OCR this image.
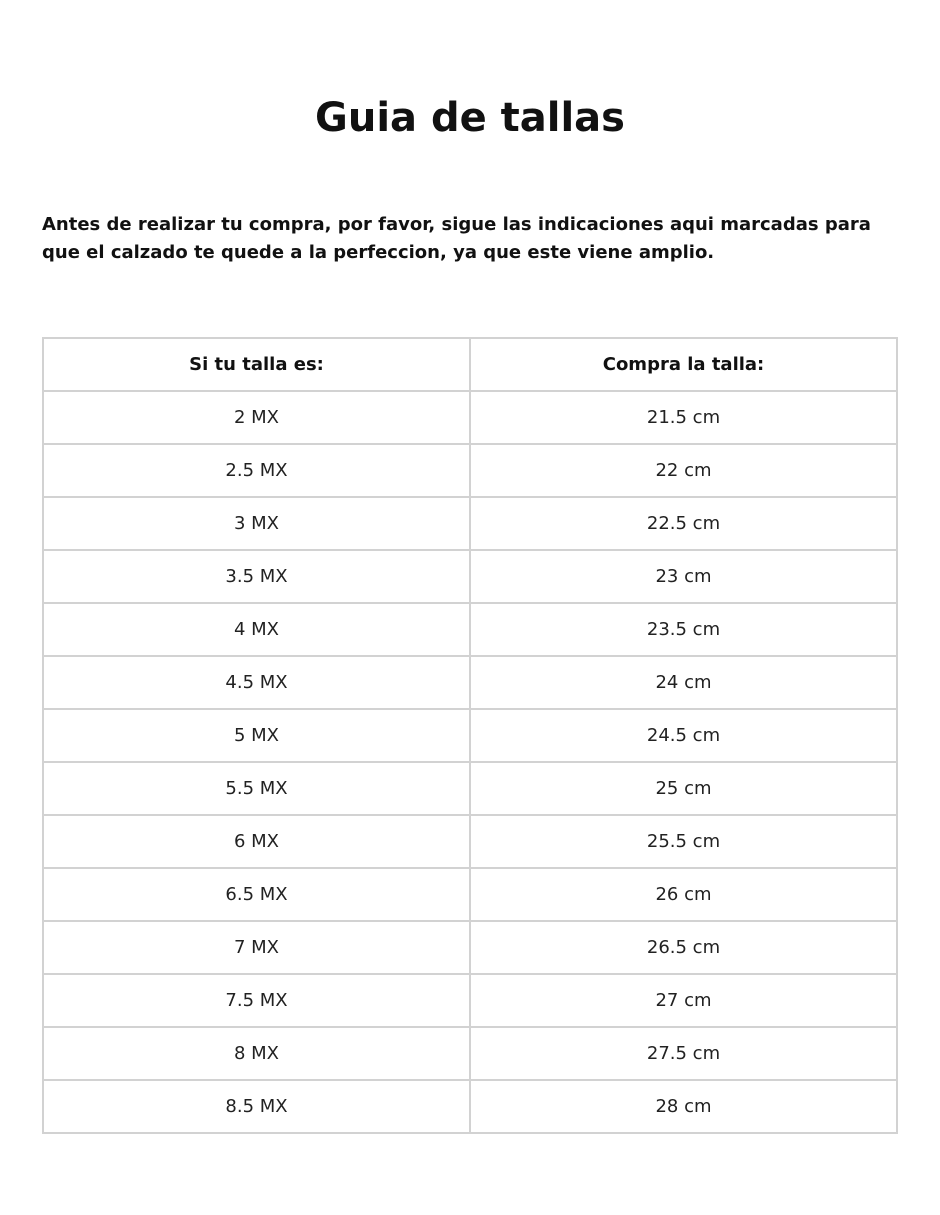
Guia de tallas

Antes de realizar tu compra, por favor, sigue las indicaciones aqui marcadas para que el calzado te quede a la perfeccion, ya que este viene amplio.

Si tu talla es:	Compra la talla:
2 MX	21.5 cm
2.5 MX	22 cm
3 MX	22.5 cm
3.5 MX	23 cm
4 MX	23.5 cm
4.5 MX	24 cm
5 MX	24.5 cm
5.5 MX	25 cm
6 MX	25.5 cm
6.5 MX	26 cm
7 MX	26.5 cm
7.5 MX	27 cm
8 MX	27.5 cm
8.5 MX	28 cm
